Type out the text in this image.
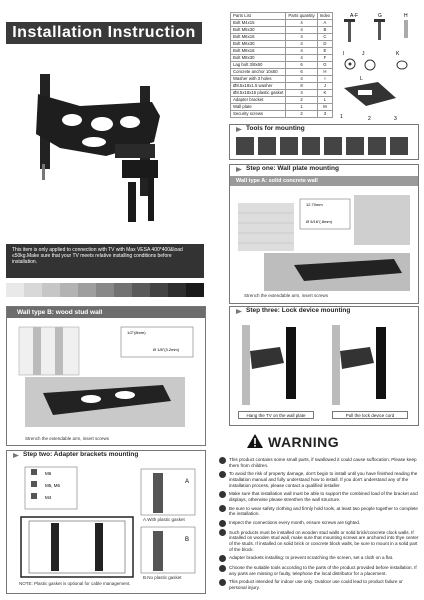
Installation Instruction
This item is only applied to connection with TV with Max VESA 400*400&load ≤50kg.Make sure that your TV meets relative installing conditions before installation.
Parts List	Parts quantity	Index
Bolt M4x15	4	A
Bolt M5x30	4	B
Bolt M6x16	4	C
Bolt M6x30	4	D
Bolt M8x16	4	E
Bolt M8x30	4	F
Lag bolt 3/8x60	6	G
Concrete anchor 10x50	6	H
Washer with 3 holes	4	I
Ø8.5x18x1.5 washer	8	J
Ø8.5x18x15 plastic gasket	4	K
Adapter bracket	2	L
Wall plate	1	M
Security screws	2	3
A-F	G	H
I	J	K
L
1	2	3
Tools for mounting
Step one: Wall plate mounting
Wall type A: solid concrete wall
12.70mm
Ø 5/16"(.8mm)
Strench the extendable arm, insert screws
Wall type B: wood stud wall
1/2"(8mm)
Ø 1/8"(3.2mm)
Strench the extendable arm, insert screws
Step three: Lock device mounting
Hang the TV on the wall plate	Pull the lock device cord
Step two: Adapter brackets mounting
M6
M5, M6
M4
A
B
A.With plastic gasket
B.No plastic gasket
NOTE: Plastic gasket is optional for cable management.
WARNING
This product contains some small parts, if swallowed it could cause suffocation. Please keep them from children.
To avoid the risk of property damage, don't begin to install until you have finished reading the installation manual and fully understand how to install. If you don't understand any of the installation process, please contact a qualified installer.
Make sure that installation wall must be able to support the combined load of the bracket and displays, otherwise please strenthen the wall structure.
Be sure to wear safety clothing and firmly hold tools, at least two people together to complete the installation.
Inspect the connections every month, ensure screws are tighted.
Such products must be installed on wooden stud walls or solid brick/concrete clock walls. If installed on wooden stud wall, make sure that mounting screws are anchored into thye center of the studs. If installed on solid brick or concrete block walls, be sure to mount in a solid part of the block.
Adapter brackets installing: to prevent scratching the screen, set a cloth on a flat.
Choose the suitable tools according to the parts of the product provided before installation. If any parts are missing or faulty, telephone the local distributor for a placement.
This product intended for indoor use only. Outdoor use could lead to product failure or personal injury.
